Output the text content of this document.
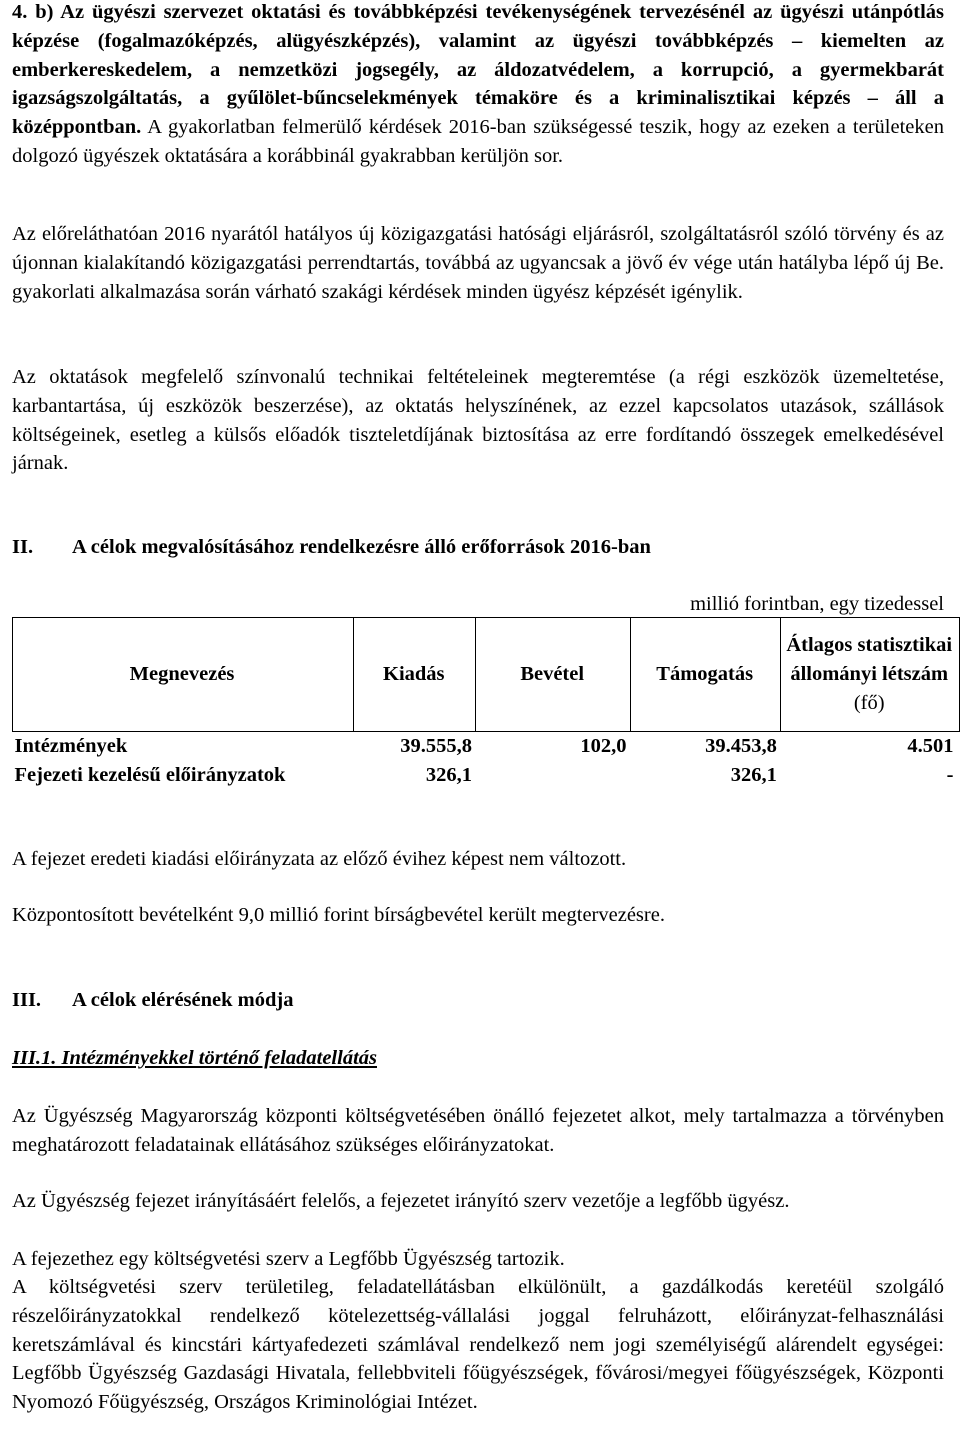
4. b) Az ügyészi szervezet oktatási és továbbképzési tevékenységének tervezésénél az ügyészi utánpótlás képzése (fogalmazóképzés, alügyészképzés), valamint az ügyészi továbbképzés – kiemelten az emberkereskedelem, a nemzetközi jogsegély, az áldozatvédelem, a korrupció, a gyermekbarát igazságszolgáltatás, a gyűlölet-bűncselekmények témaköre és a kriminalisztikai képzés – áll a középpontban. A gyakorlatban felmerülő kérdések 2016-ban szükségessé teszik, hogy az ezeken a területeken dolgozó ügyészek oktatására a korábbinál gyakrabban kerüljön sor.

Az előreláthatóan 2016 nyarától hatályos új közigazgatási hatósági eljárásról, szolgáltatásról szóló törvény és az újonnan kialakítandó közigazgatási perrendtartás, továbbá az ugyancsak a jövő év vége után hatályba lépő új Be. gyakorlati alkalmazása során várható szakági kérdések minden ügyész képzését igénylik.

Az oktatások megfelelő színvonalú technikai feltételeinek megteremtése (a régi eszközök üzemeltetése, karbantartása, új eszközök beszerzése), az oktatás helyszínének, az ezzel kapcsolatos utazások, szállások költségeinek, esetleg a külsős előadók tiszteletdíjának biztosítása az erre fordítandó összegek emelkedésével járnak.

II. A célok megvalósításához rendelkezésre álló erőforrások 2016-ban

millió forintban, egy tizedessel
Megnevezés	Kiadás	Bevétel	Támogatás	Átlagos statisztikai állományi létszám (fő)
Intézmények	39.555,8	102,0	39.453,8	4.501
Fejezeti kezelésű előirányzatok	326,1		326,1	-

A fejezet eredeti kiadási előirányzata az előző évihez képest nem változott.

Központosított bevételként 9,0 millió forint bírságbevétel került megtervezésre.

III. A célok elérésének módja

III.1. Intézményekkel történő feladatellátás

Az Ügyészség Magyarország központi költségvetésében önálló fejezetet alkot, mely tartalmazza a törvényben meghatározott feladatainak ellátásához szükséges előirányzatokat.

Az Ügyészség fejezet irányításáért felelős, a fejezetet irányító szerv vezetője a legfőbb ügyész.

A fejezethez egy költségvetési szerv a Legfőbb Ügyészség tartozik.

A költségvetési szerv területileg, feladatellátásban elkülönült, a gazdálkodás keretéül szolgáló részelőirányzatokkal rendelkező kötelezettség-vállalási joggal felruházott, előirányzat-felhasználási keretszámlával és kincstári kártyafedezeti számlával rendelkező nem jogi személyiségű alárendelt egységei: Legfőbb Ügyészség Gazdasági Hivatala, fellebbviteli főügyészségek, fővárosi/megyei főügyészségek, Központi Nyomozó Főügyészség, Országos Kriminológiai Intézet.
